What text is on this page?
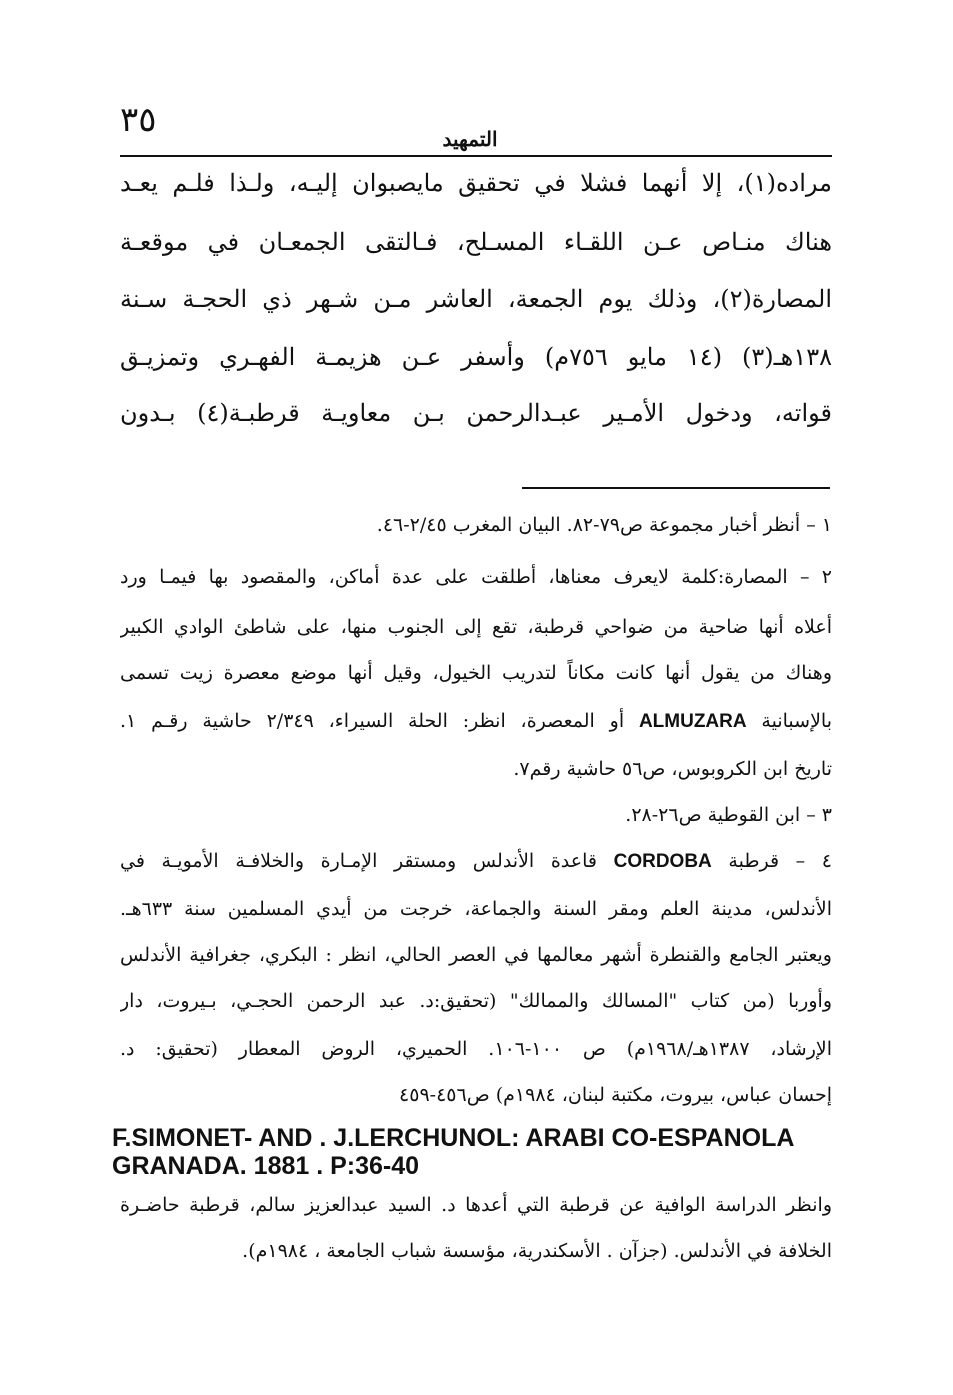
٣٥	التمهيد
مراده(١)، إلا أنهما فشلا في تحقيق مايصبوان إليـه، ولـذا فلـم يعـد
هناك منـاص عـن اللقـاء المسـلح، فـالتقى الجمعـان في موقعـة
المصارة(٢)، وذلك يوم الجمعة، العاشر مـن شـهر ذي الحجـة سـنة
١٣٨هـ(٣) (١٤ مايو ٧٥٦م) وأسفر عـن هزيمـة الفهـري وتمزيـق
قواته، ودخول الأمـير عبـدالرحمن بـن معاويـة قرطبـة(٤) بـدون
١ – أنظر أخبار مجموعة ص٧٩-٨٢. البيان المغرب ٢/٤٥-٤٦.
٢ – المصارة:كلمة لايعرف معناها، أطلقت على عدة أماكن، والمقصود بها فيمـا ورد
أعلاه أنها ضاحية من ضواحي قرطبة، تقع إلى الجنوب منها، على شاطئ الوادي الكبير
وهناك من يقول أنها كانت مكاناً لتدريب الخيول، وقيل أنها موضع معصرة زيت تسمى
بالإسبانية ALMUZARA أو المعصرة، انظر: الحلة السيراء، ٢/٣٤٩ حاشية رقـم ١.
تاريخ ابن الكروبوس، ص٥٦ حاشية رقم٧.
٣ – ابن القوطية ص٢٦-٢٨.
٤ – قرطبة CORDOBA قاعدة الأندلس ومستقر الإمـارة والخلافـة الأمويـة في
الأندلس، مدينة العلم ومقر السنة والجماعة، خرجت من أيدي المسلمين سنة ٦٣٣هـ.
ويعتبر الجامع والقنطرة أشهر معالمها في العصر الحالي، انظر : البكري، جغرافية الأندلس
وأوربا (من كتاب "المسالك والممالك" (تحقيق:د. عبد الرحمن الحجـي، بـيروت، دار
الإرشاد، ١٣٨٧هـ/١٩٦٨م) ص ١٠٠-١٠٦. الحميري، الروض المعطار (تحقيق: د.
إحسان عباس، بيروت، مكتبة لبنان، ١٩٨٤م) ص٤٥٦-٤٥٩
F.SIMONET- AND . J.LERCHUNOL: ARABI CO-ESPANOLA
GRANADA. 1881 . P:36-40
وانظر الدراسة الوافية عن قرطبة التي أعدها د. السيد عبدالعزيز سالم، قرطبة حاضـرة
الخلافة في الأندلس. (جزآن . الأسكندرية، مؤسسة شباب الجامعة ، ١٩٨٤م).
